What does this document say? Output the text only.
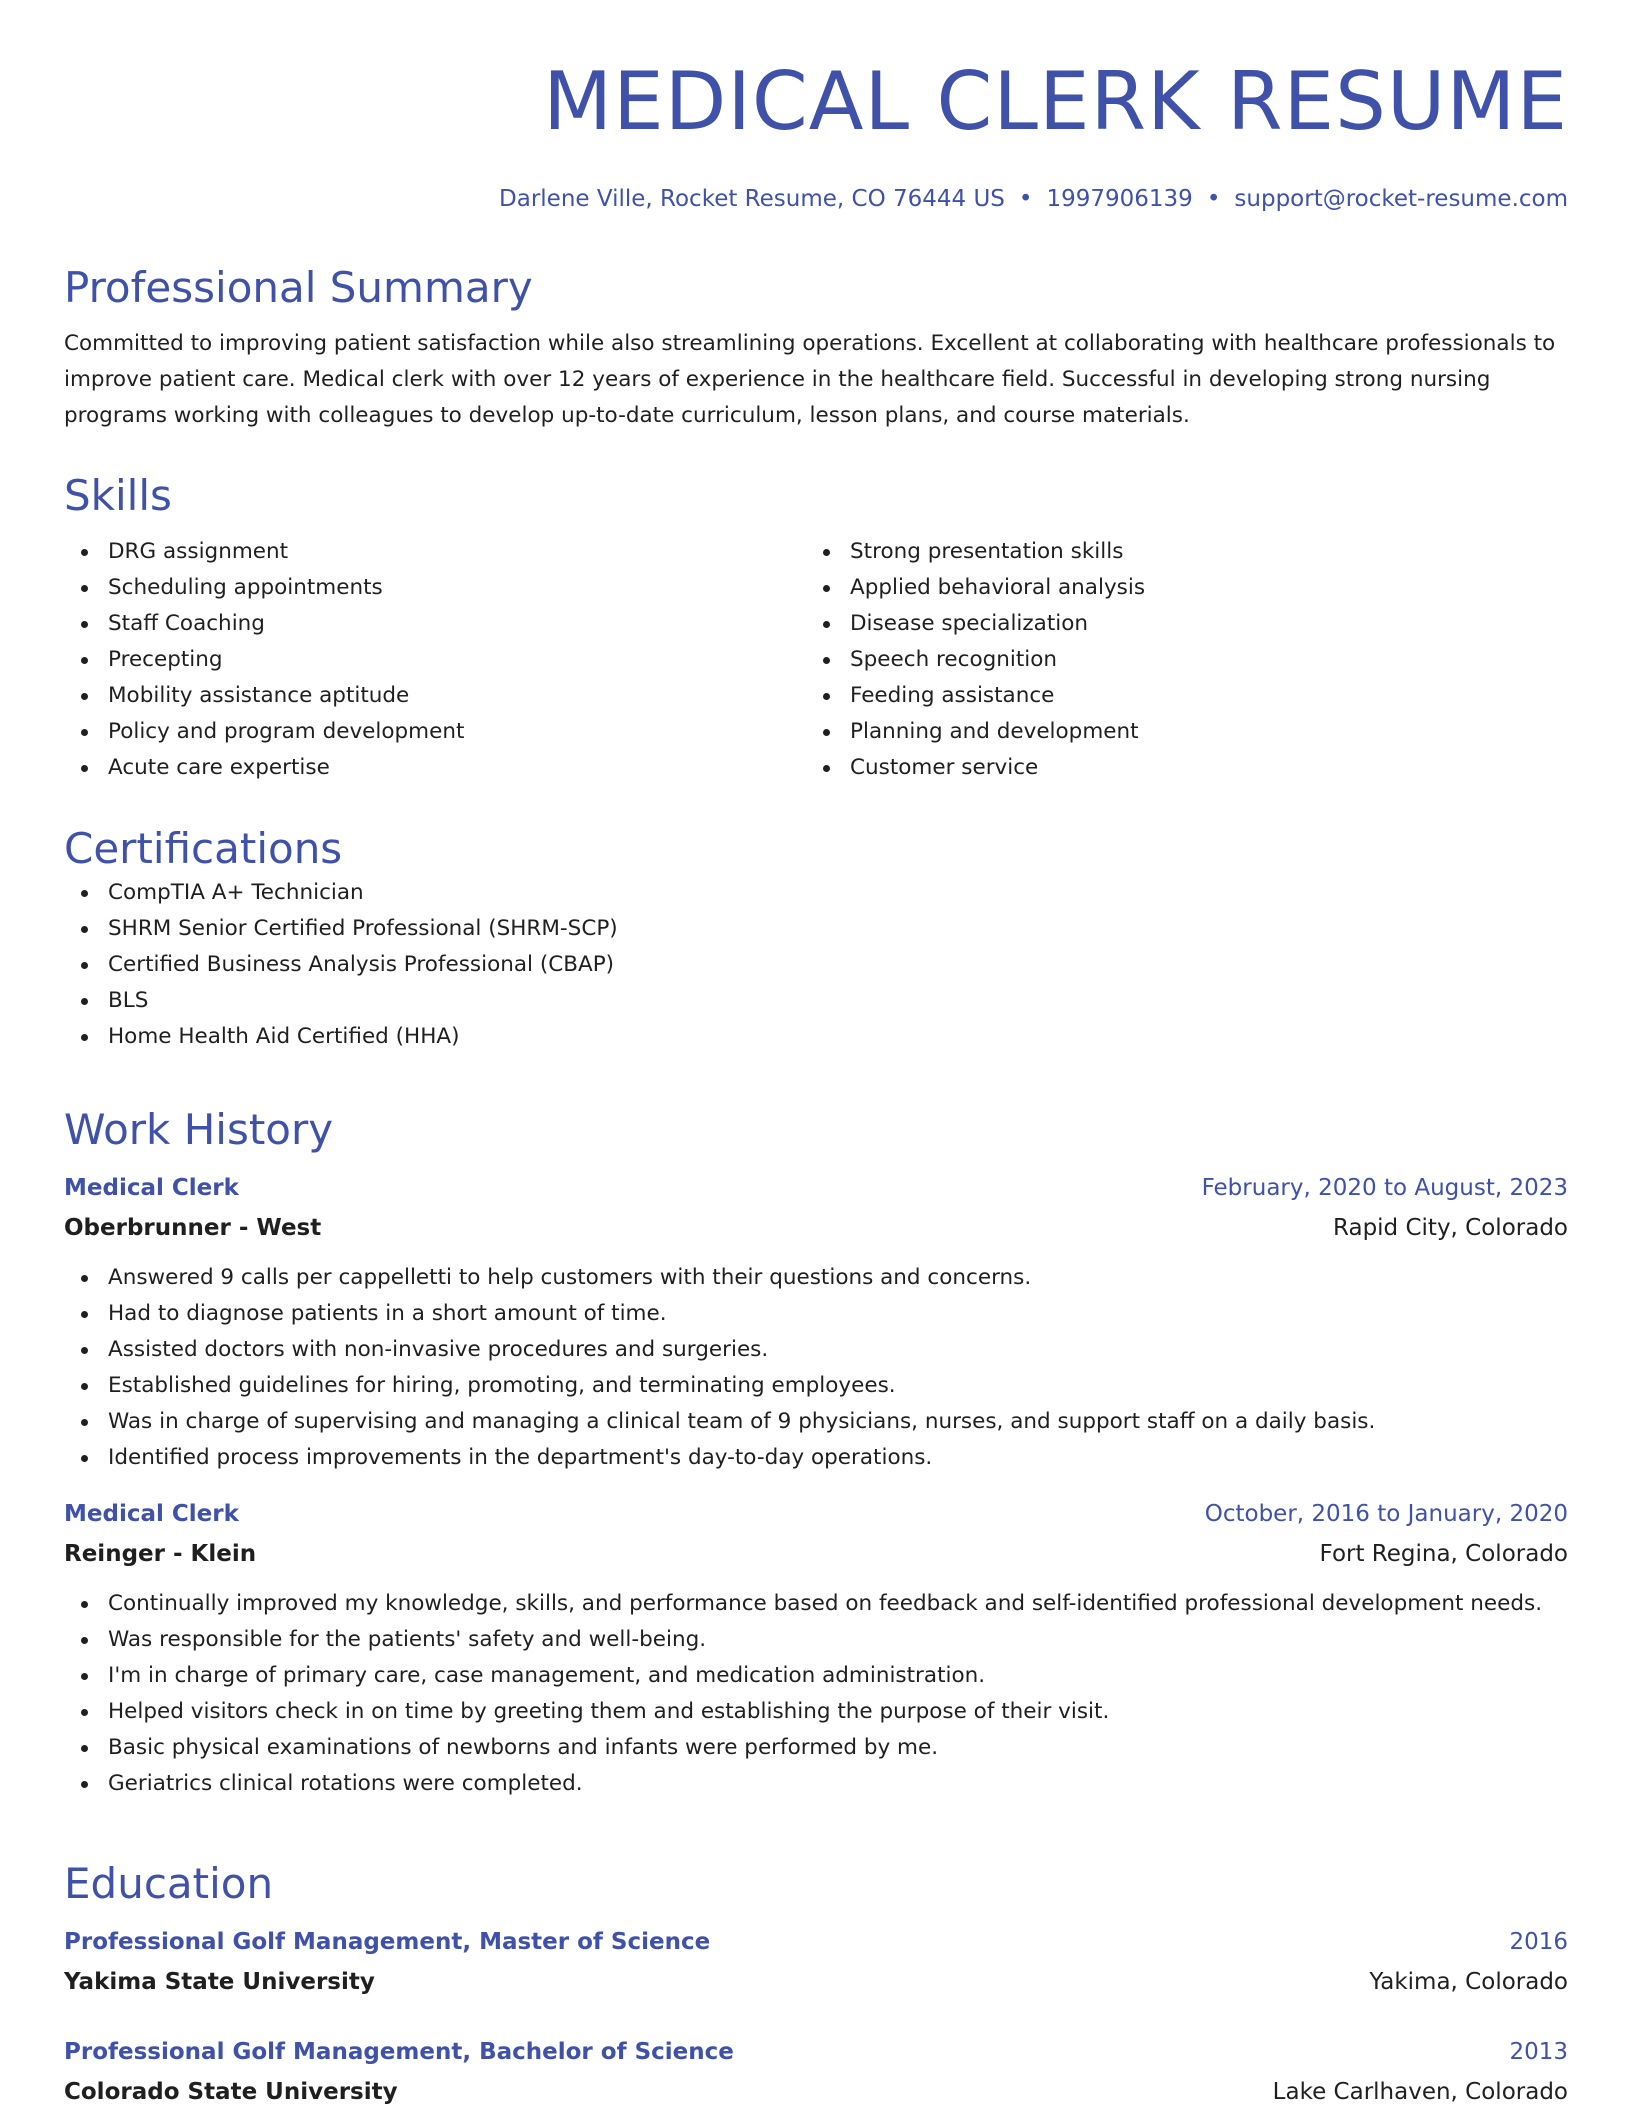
MEDICAL CLERK RESUME
Darlene Ville, Rocket Resume, CO 76444 US • 1997906139 • support@rocket-resume.com
Professional Summary

Committed to improving patient satisfaction while also streamlining operations. Excellent at collaborating with healthcare professionals to improve patient care. Medical clerk with over 12 years of experience in the healthcare field. Successful in developing strong nursing programs working with colleagues to develop up-to-date curriculum, lesson plans, and course materials.

Skills
DRG assignment
Scheduling appointments
Staff Coaching
Precepting
Mobility assistance aptitude
Policy and program development
Acute care expertise
Strong presentation skills
Applied behavioral analysis
Disease specialization
Speech recognition
Feeding assistance
Planning and development
Customer service
Certifications
CompTIA A+ Technician
SHRM Senior Certified Professional (SHRM-SCP)
Certified Business Analysis Professional (CBAP)
BLS
Home Health Aid Certified (HHA)
Work History
Medical Clerk	February, 2020 to August, 2023
Oberbrunner - West	Rapid City, Colorado
Answered 9 calls per cappelletti to help customers with their questions and concerns.
Had to diagnose patients in a short amount of time.
Assisted doctors with non-invasive procedures and surgeries.
Established guidelines for hiring, promoting, and terminating employees.
Was in charge of supervising and managing a clinical team of 9 physicians, nurses, and support staff on a daily basis.
Identified process improvements in the department's day-to-day operations.
Medical Clerk	October, 2016 to January, 2020
Reinger - Klein	Fort Regina, Colorado
Continually improved my knowledge, skills, and performance based on feedback and self-identified professional development needs.
Was responsible for the patients' safety and well-being.
I'm in charge of primary care, case management, and medication administration.
Helped visitors check in on time by greeting them and establishing the purpose of their visit.
Basic physical examinations of newborns and infants were performed by me.
Geriatrics clinical rotations were completed.
Education
Professional Golf Management, Master of Science	2016
Yakima State University	Yakima, Colorado
Professional Golf Management, Bachelor of Science	2013
Colorado State University	Lake Carlhaven, Colorado
